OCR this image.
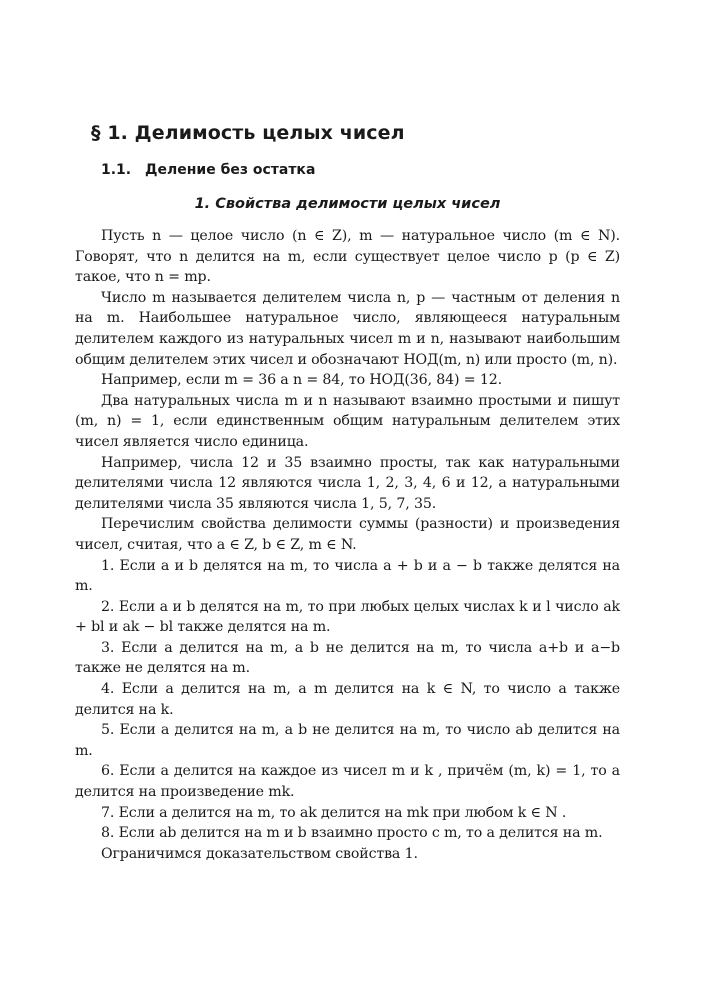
§ 1. Делимость целых чисел
1.1. Деление без остатка
1. Свойства делимости целых чисел

Пусть n — целое число (n ∈ Z), m — натуральное число (m ∈ N). Говорят, что n делится на m, если существует целое число p (p ∈ Z) такое, что n = mp.

Число m называется делителем числа n, p — частным от деления n на m. Наибольшее натуральное число, являющееся натуральным делителем каждого из натуральных чисел m и n, называют наибольшим общим делителем этих чисел и обозначают НОД(m, n) или просто (m, n).

Например, если m = 36 а n = 84, то НОД(36, 84) = 12.

Два натуральных числа m и n называют взаимно простыми и пишут (m, n) = 1, если единственным общим натуральным делителем этих чисел является число единица.

Например, числа 12 и 35 взаимно просты, так как натуральными делителями числа 12 являются числа 1, 2, 3, 4, 6 и 12, а натуральными делителями числа 35 являются числа 1, 5, 7, 35.

Перечислим свойства делимости суммы (разности) и произведения чисел, считая, что a ∈ Z, b ∈ Z, m ∈ N.

1. Если a и b делятся на m, то числа a + b и a − b также делятся на m.

2. Если a и b делятся на m, то при любых целых числах k и l число ak + bl и ak − bl также делятся на m.

3. Если a делится на m, а b не делится на m, то числа a+b и a−b также не делятся на m.

4. Если a делится на m, а m делится на k ∈ N, то число a также делится на k.

5. Если a делится на m, а b не делится на m, то число ab делится на m.

6. Если a делится на каждое из чисел m и k , причём (m, k) = 1, то a делится на произведение mk.

7. Если a делится на m, то ak делится на mk при любом k ∈ N .

8. Если ab делится на m и b взаимно просто с m, то a делится на m.

Ограничимся доказательством свойства 1.
